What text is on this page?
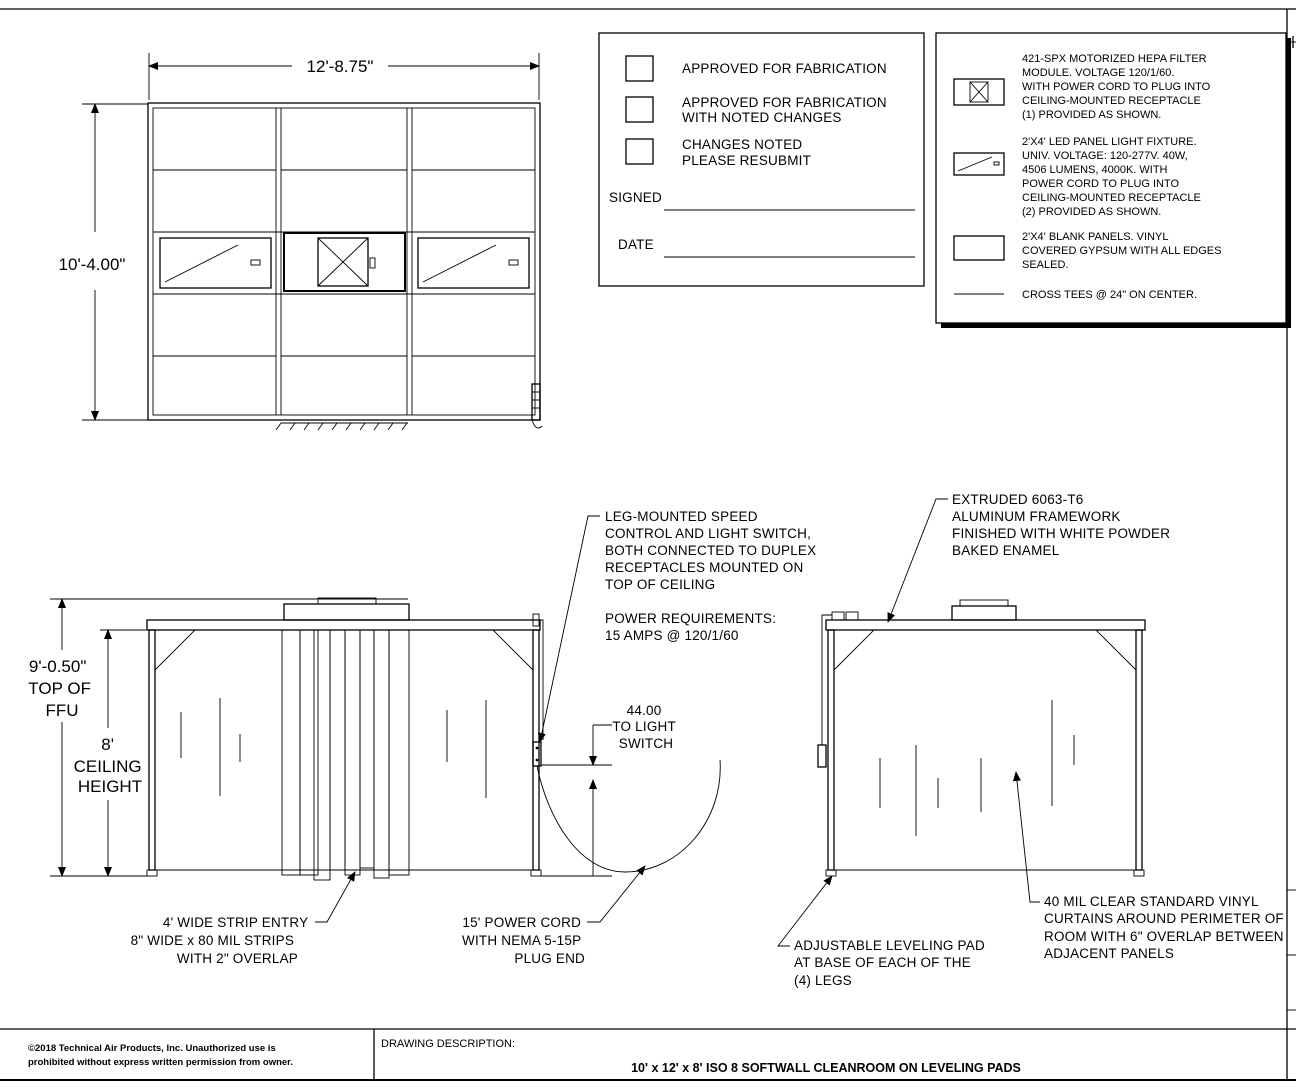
12'-8.75"
10'-4.00"
APPROVED FOR FABRICATION
APPROVED FOR FABRICATION
WITH NOTED CHANGES
CHANGES NOTED
PLEASE RESUBMIT
SIGNED
DATE
421-SPX MOTORIZED HEPA FILTER MODULE. VOLTAGE 120/1/60. WITH POWER CORD TO PLUG INTO CEILING-MOUNTED RECEPTACLE (1) PROVIDED AS SHOWN.
2'X4' LED PANEL LIGHT FIXTURE. UNIV. VOLTAGE: 120-277V. 40W, 4506 LUMENS, 4000K. WITH POWER CORD TO PLUG INTO CEILING-MOUNTED RECEPTACLE (2) PROVIDED AS SHOWN.
2'X4' BLANK PANELS. VINYL COVERED GYPSUM WITH ALL EDGES SEALED.
CROSS TEES @ 24" ON CENTER.
9'-0.50" TOP OF FFU
8' CEILING HEIGHT
44.00 TO LIGHT SWITCH
LEG-MOUNTED SPEED CONTROL AND LIGHT SWITCH, BOTH CONNECTED TO DUPLEX RECEPTACLES MOUNTED ON TOP OF CEILING
POWER REQUIREMENTS: 15 AMPS @ 120/1/60
4' WIDE STRIP ENTRY 8" WIDE x 80 MIL STRIPS WITH 2" OVERLAP
15' POWER CORD WITH NEMA 5-15P PLUG END
EXTRUDED 6063-T6 ALUMINUM FRAMEWORK FINISHED WITH WHITE POWDER BAKED ENAMEL
ADJUSTABLE LEVELING PAD AT BASE OF EACH OF THE (4) LEGS
40 MIL CLEAR STANDARD VINYL CURTAINS AROUND PERIMETER OF ROOM WITH 6" OVERLAP BETWEEN ADJACENT PANELS
©2018 Technical Air Products, Inc. Unauthorized use is
prohibited without express written permission from owner.
DRAWING DESCRIPTION:
10' x 12' x 8' ISO 8 SOFTWALL CLEANROOM ON LEVELING PADS
